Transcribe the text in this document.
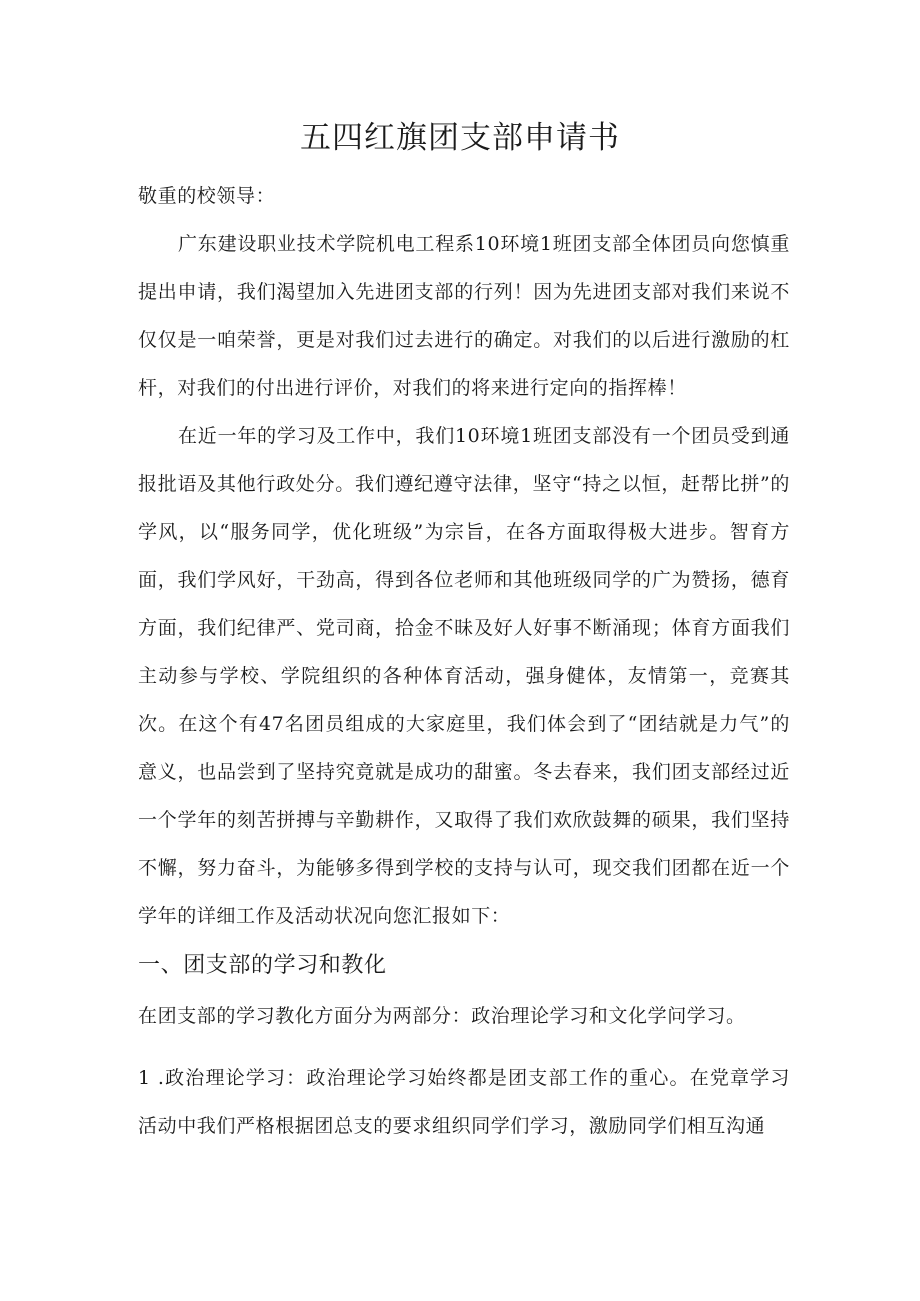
五四红旗团支部申请书

敬重的校领导：

广东建设职业技术学院机电工程系10环境1班团支部全体团员向您慎重提出申请，我们渴望加入先进团支部的行列！因为先进团支部对我们来说不仅仅是一咱荣誉，更是对我们过去进行的确定。对我们的以后进行激励的杠杆，对我们的付出进行评价，对我们的将来进行定向的指挥棒！

在近一年的学习及工作中，我们10环境1班团支部没有一个团员受到通报批语及其他行政处分。我们遵纪遵守法律，坚守“持之以恒，赶帮比拼”的学风，以“服务同学，优化班级”为宗旨，在各方面取得极大进步。智育方面，我们学风好，干劲高，得到各位老师和其他班级同学的广为赞扬，德育方面，我们纪律严、党司商，拾金不昧及好人好事不断涌现；体育方面我们主动参与学校、学院组织的各种体育活动，强身健体，友情第一，竞赛其次。在这个有47名团员组成的大家庭里，我们体会到了“团结就是力气”的意义，也品尝到了坚持究竟就是成功的甜蜜。冬去春来，我们团支部经过近一个学年的刻苦拼搏与辛勤耕作，又取得了我们欢欣鼓舞的硕果，我们坚持不懈，努力奋斗，为能够多得到学校的支持与认可，现交我们团都在近一个学年的详细工作及活动状况向您汇报如下：

一、团支部的学习和教化

在团支部的学习教化方面分为两部分：政治理论学习和文化学问学习。

1 .政治理论学习：政治理论学习始终都是团支部工作的重心。在党章学习活动中我们严格根据团总支的要求组织同学们学习，激励同学们相互沟通
